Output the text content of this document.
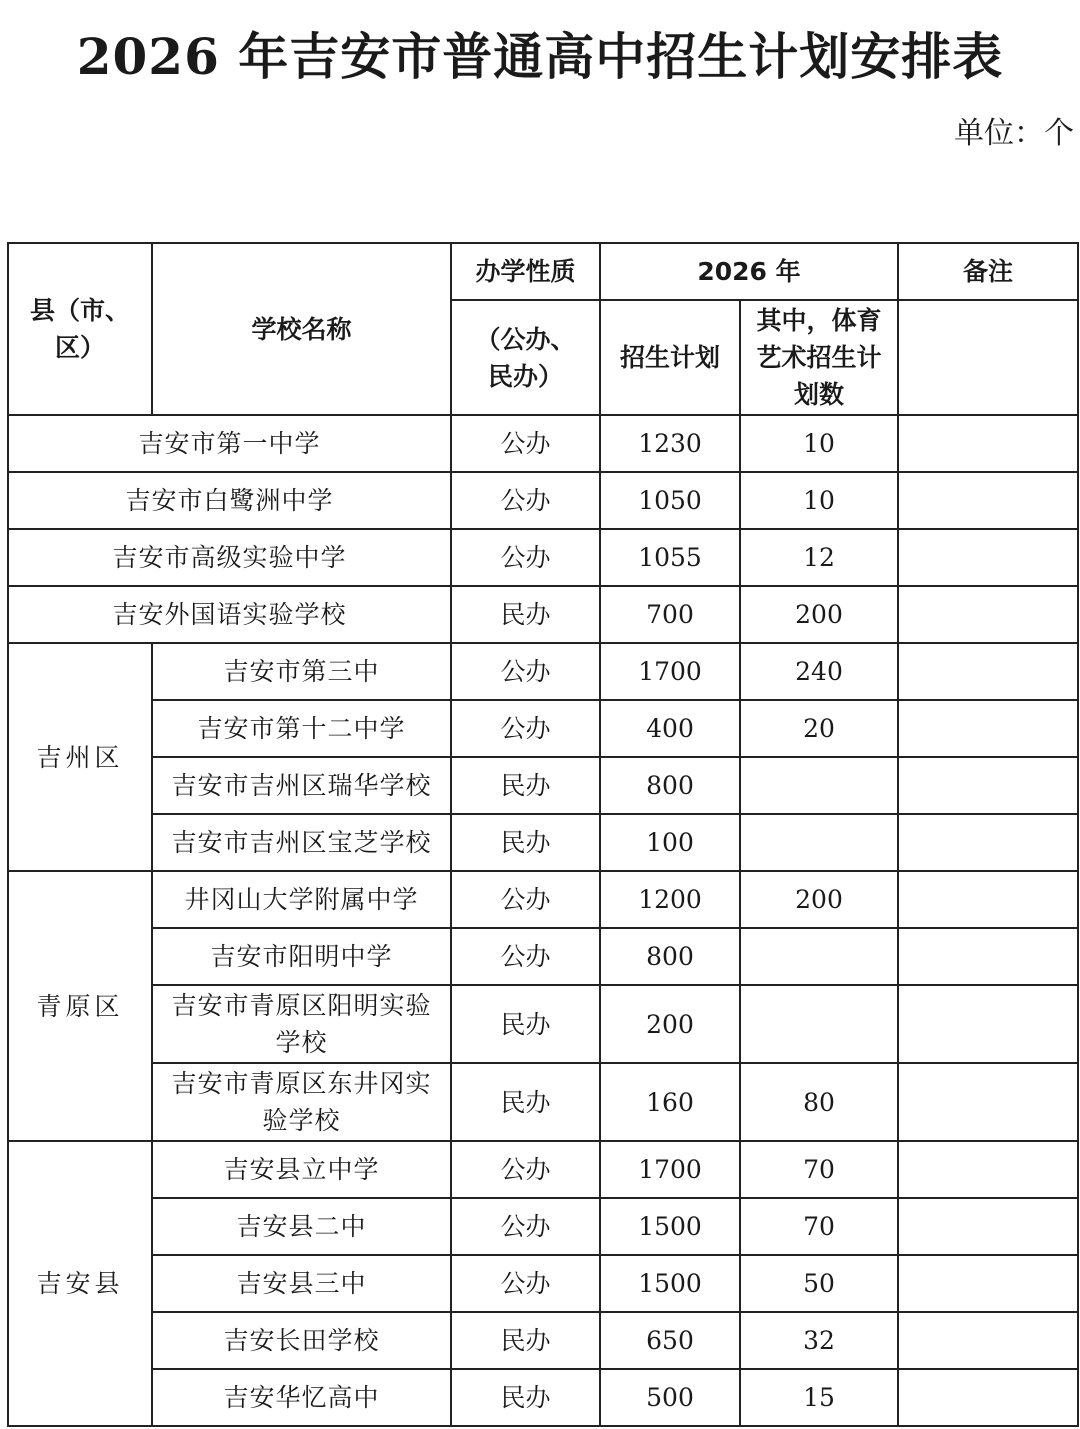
2026 年吉安市普通高中招生计划安排表
单位：个
县（市、区）	学校名称	办学性质	2026 年		备注
		（公办、民办）	招生计划	其中，体育艺术招生计划数	
吉安市第一中学		公办	1230	10	
吉安市白鹭洲中学		公办	1050	10	
吉安市高级实验中学		公办	1055	12	
吉安外国语实验学校		民办	700	200	
吉州区	吉安市第三中	公办	1700	240	
	吉安市第十二中学	公办	400	20	
	吉安市吉州区瑞华学校	民办	800		
	吉安市吉州区宝芝学校	民办	100		
青原区	井冈山大学附属中学	公办	1200	200	
	吉安市阳明中学	公办	800		
	吉安市青原区阳明实验学校	民办	200		
	吉安市青原区东井冈实验学校	民办	160	80	
吉安县	吉安县立中学	公办	1700	70	
	吉安县二中	公办	1500	70	
	吉安县三中	公办	1500	50	
	吉安长田学校	民办	650	32	
	吉安华忆高中	民办	500	15	
